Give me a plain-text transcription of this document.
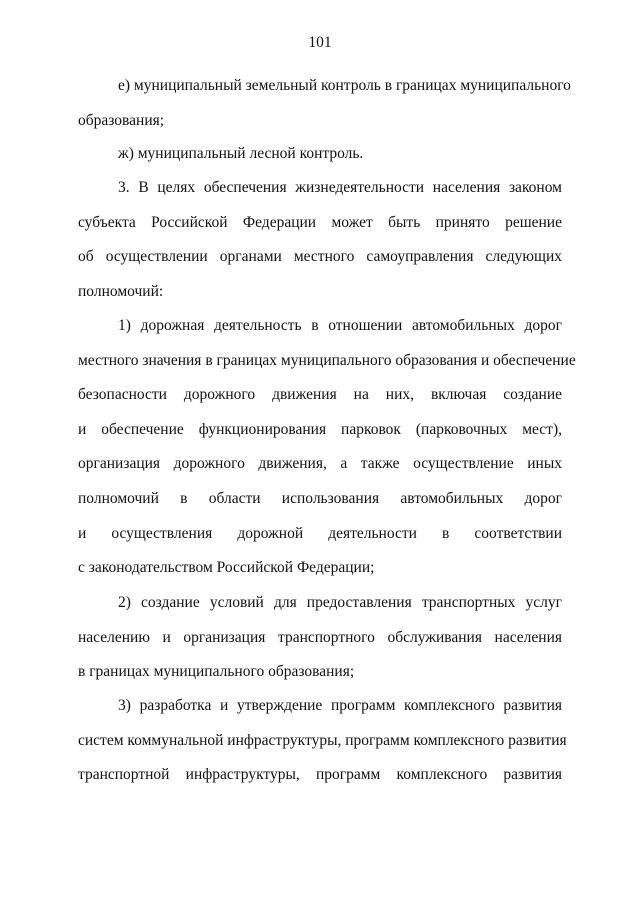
101
е) муниципальный земельный контроль в границах муниципального
образования;
ж) муниципальный лесной контроль.
3. В целях обеспечения жизнедеятельности населения законом
субъекта Российской Федерации может быть принято решение
об осуществлении органами местного самоуправления следующих
полномочий:
1) дорожная деятельность в отношении автомобильных дорог
местного значения в границах муниципального образования и обеспечение
безопасности дорожного движения на них, включая создание
и обеспечение функционирования парковок (парковочных мест),
организация дорожного движения, а также осуществление иных
полномочий в области использования автомобильных дорог
и осуществления дорожной деятельности в соответствии
с законодательством Российской Федерации;
2) создание условий для предоставления транспортных услуг
населению и организация транспортного обслуживания населения
в границах муниципального образования;
3) разработка и утверждение программ комплексного развития
систем коммунальной инфраструктуры, программ комплексного развития
транспортной инфраструктуры, программ комплексного развития
